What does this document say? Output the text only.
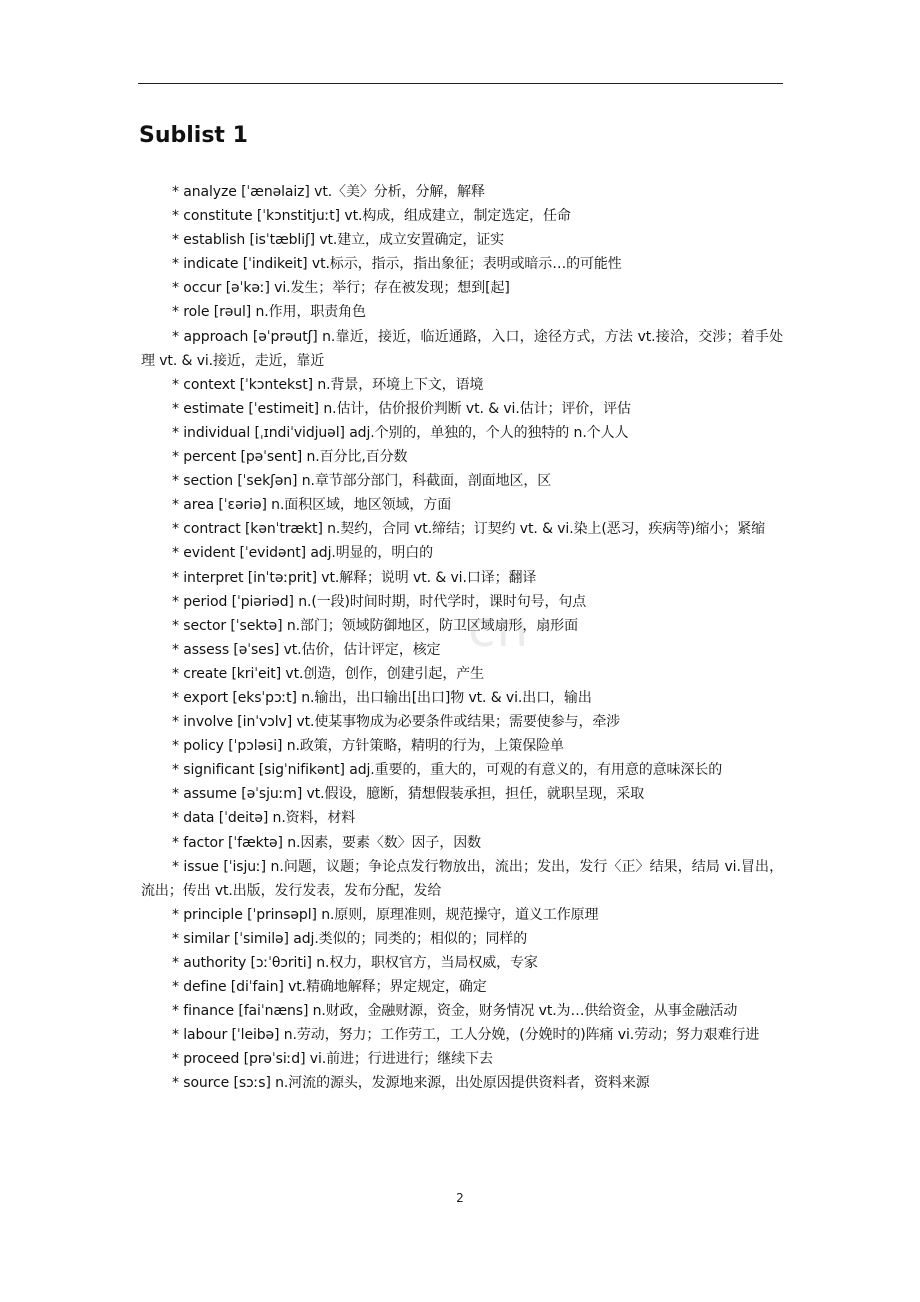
Sublist 1
* analyze [ˈænəlaiz] vt.〈美〉分析，分解，解释
* constitute [ˈkɔnstitjuːt] vt.构成，组成建立，制定选定，任命
* establish [isˈtæbliʃ] vt.建立，成立安置确定，证实
* indicate [ˈindikeit] vt.标示，指示，指出象征；表明或暗示…的可能性
* occur [əˈkəː] vi.发生；举行；存在被发现；想到[起]
* role [rəul] n.作用，职责角色
* approach [əˈprəutʃ] n.靠近，接近，临近通路，入口，途径方式，方法 vt.接洽，交涉；着手处理 vt. & vi.接近，走近，靠近
* context [ˈkɔntekst] n.背景，环境上下文，语境
* estimate [ˈestimeit] n.估计，估价报价判断 vt. & vi.估计；评价，评估
* individual [ˌɪndiˈvidjuəl] adj.个别的，单独的，个人的独特的 n.个人人
* percent [pəˈsent] n.百分比,百分数
* section [ˈsekʃən] n.章节部分部门，科截面，剖面地区，区
* area [ˈɛəriə] n.面积区域，地区领域，方面
* contract [kənˈtrækt] n.契约，合同 vt.缔结；订契约 vt. & vi.染上(恶习，疾病等)缩小；紧缩
* evident [ˈevidənt] adj.明显的，明白的
* interpret [inˈtəːprit] vt.解释；说明 vt. & vi.口译；翻译
* period [ˈpiəriəd] n.(一段)时间时期，时代学时，课时句号，句点
* sector [ˈsektə] n.部门；领域防御地区，防卫区域扇形，扇形面
* assess [əˈses] vt.估价，估计评定，核定
* create [kriˈeit] vt.创造，创作，创建引起，产生
* export [eksˈpɔːt] n.输出，出口输出[出口]物 vt. & vi.出口，输出
* involve [inˈvɔlv] vt.使某事物成为必要条件或结果；需要使参与，牵涉
* policy [ˈpɔləsi] n.政策，方针策略，精明的行为，上策保险单
* significant [sigˈnifikənt] adj.重要的，重大的，可观的有意义的，有用意的意味深长的
* assume [əˈsjuːm] vt.假设，臆断，猜想假装承担，担任，就职呈现，采取
* data [ˈdeitə] n.资料，材料
* factor [ˈfæktə] n.因素，要素〈数〉因子，因数
* issue [ˈisjuː] n.问题，议题；争论点发行物放出，流出；发出，发行〈正〉结果，结局 vi.冒出，流出；传出 vt.出版，发行发表，发布分配，发给
* principle [ˈprinsəpl] n.原则，原理准则，规范操守，道义工作原理
* similar [ˈsimilə] adj.类似的；同类的；相似的；同样的
* authority [ɔːˈθɔriti] n.权力，职权官方，当局权威，专家
* define [diˈfain] vt.精确地解释；界定规定，确定
* finance [faiˈnæns] n.财政，金融财源，资金，财务情况 vt.为…供给资金，从事金融活动
* labour [ˈleibə] n.劳动，努力；工作劳工，工人分娩，(分娩时的)阵痛 vi.劳动；努力艰难行进
* proceed [prəˈsiːd] vi.前进；行进进行；继续下去
* source [sɔːs] n.河流的源头，发源地来源，出处原因提供资料者，资料来源
cn
2
